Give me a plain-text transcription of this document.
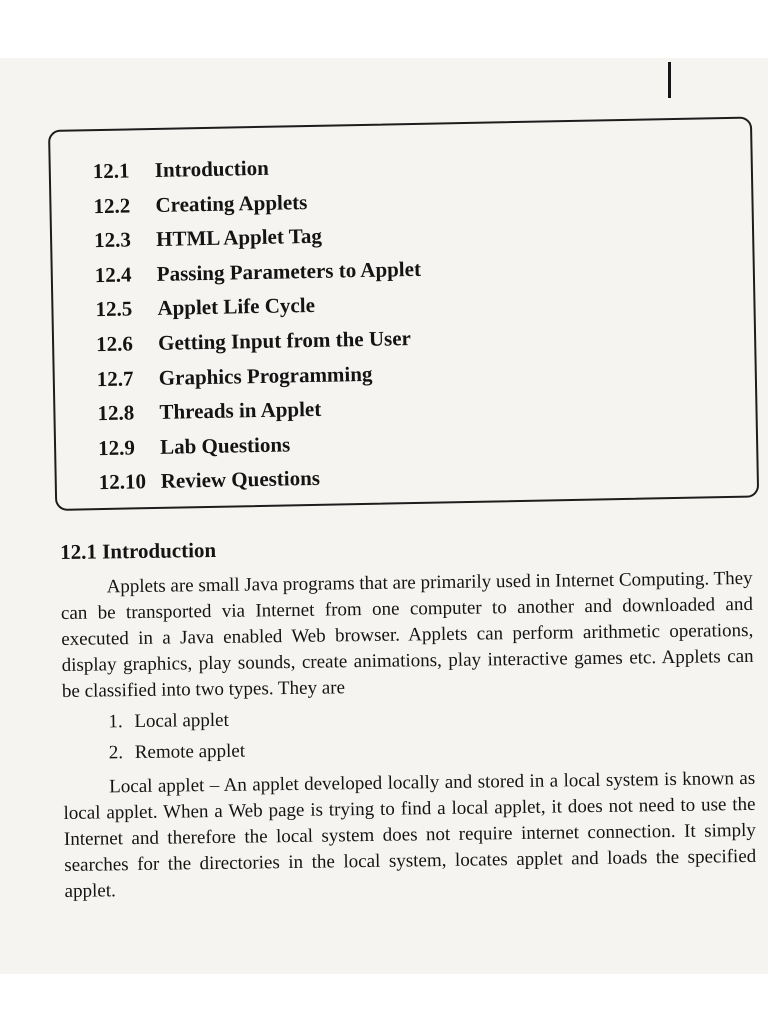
12.1	Introduction
12.2	Creating Applets
12.3	HTML Applet Tag
12.4	Passing Parameters to Applet
12.5	Applet Life Cycle
12.6	Getting Input from the User
12.7	Graphics Programming
12.8	Threads in Applet
12.9	Lab Questions
12.10 Review Questions
12.1 Introduction

Applets are small Java programs that are primarily used in Internet Computing. They can be transported via Internet from one computer to another and downloaded and executed in a Java enabled Web browser. Applets can perform arithmetic operations, display graphics, play sounds, create animations, play interactive games etc. Applets can be classified into two types. They are

1. Local applet
2. Remote applet

Local applet – An applet developed locally and stored in a local system is known as local applet. When a Web page is trying to find a local applet, it does not need to use the Internet and therefore the local system does not require internet connection. It simply searches for the directories in the local system, locates applet and loads the specified applet.
